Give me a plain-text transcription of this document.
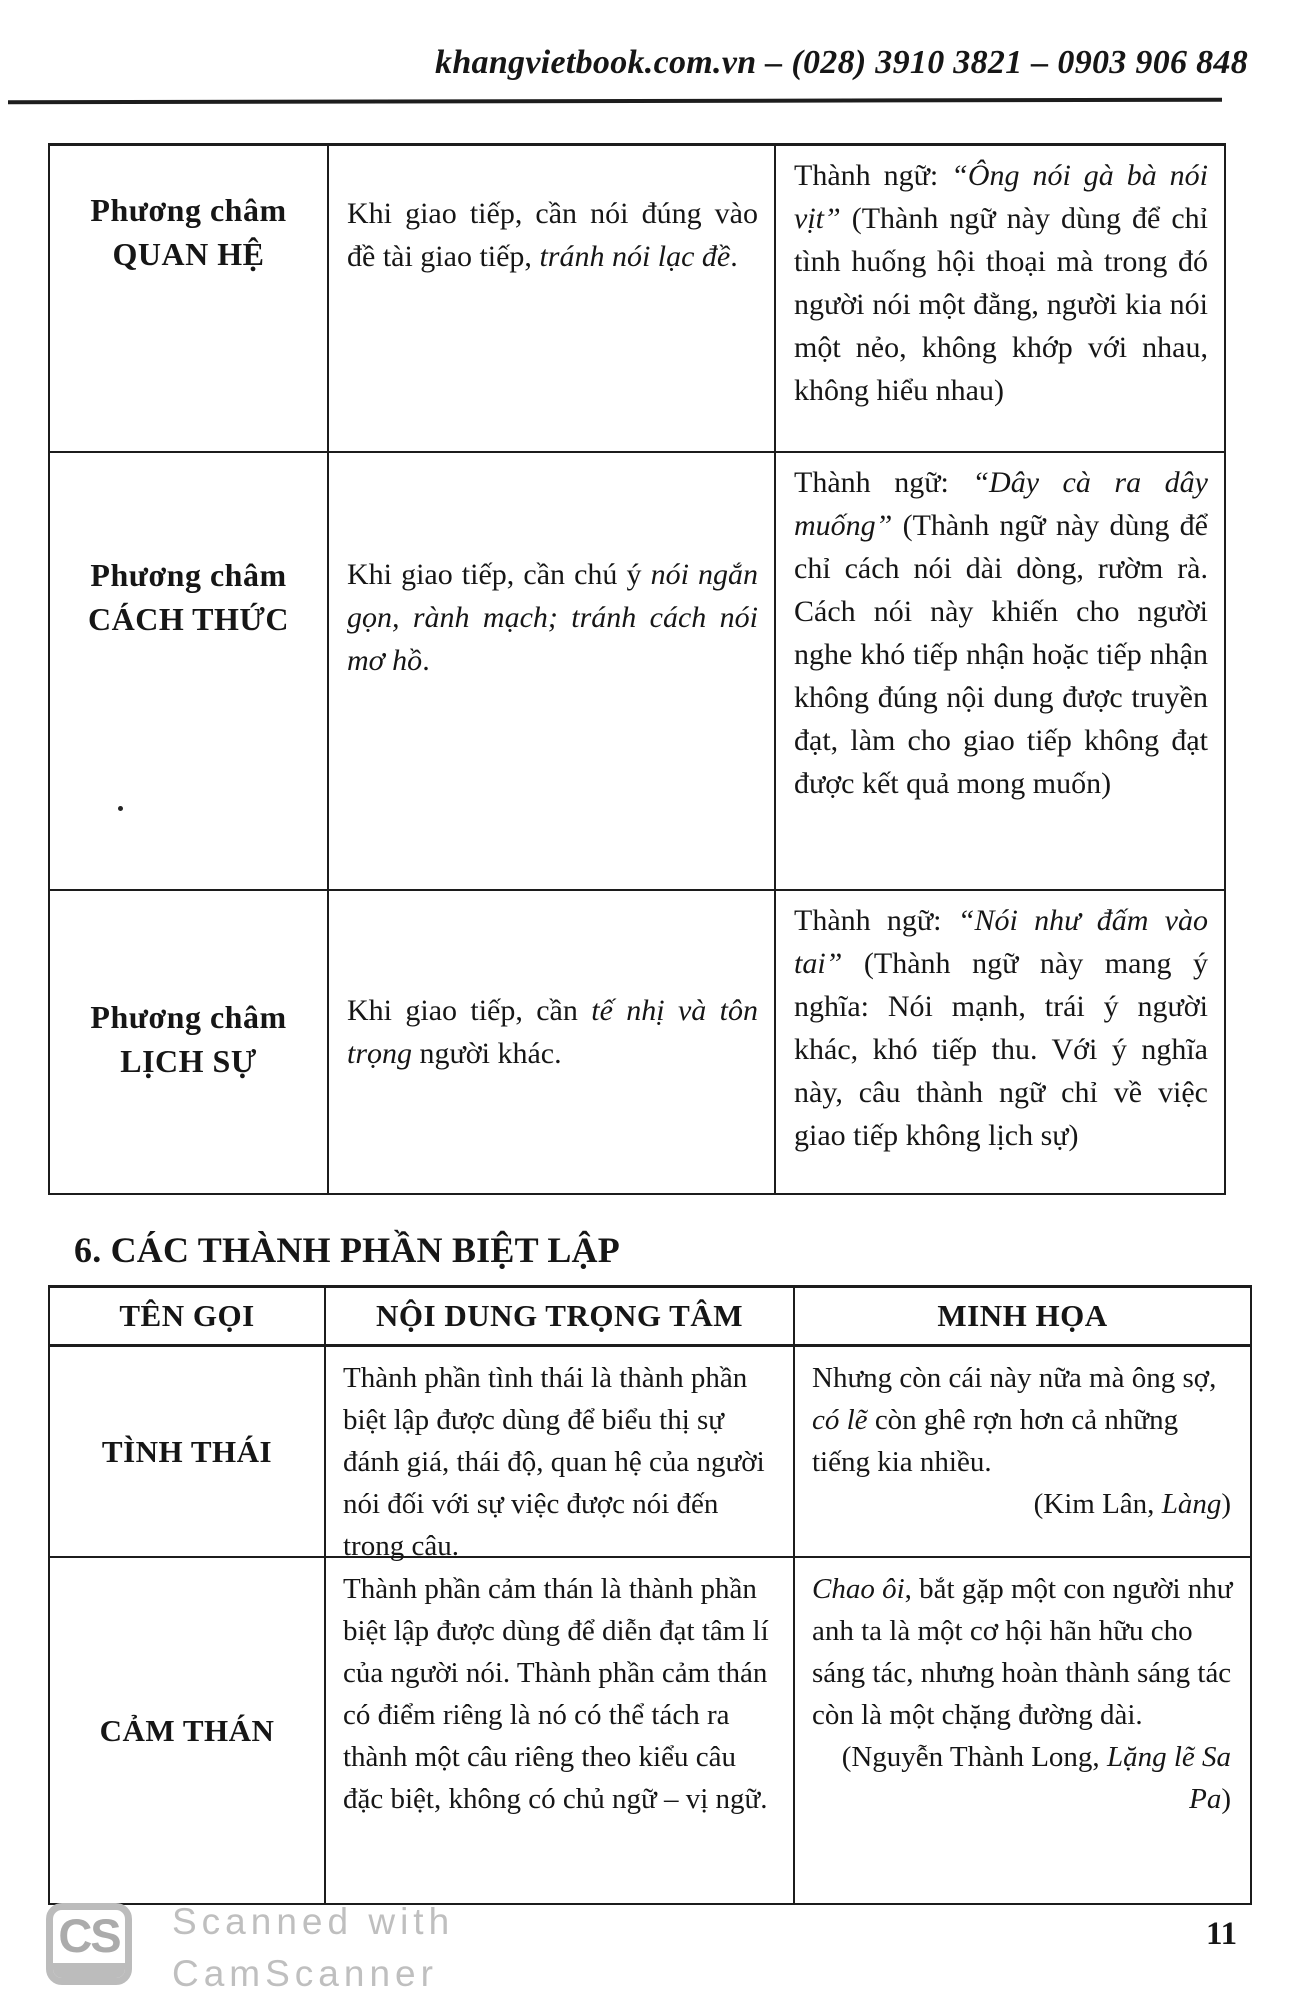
khangvietbook.com.vn – (028) 3910 3821 – 0903 906 848
Phương châm
QUAN HỆ
Khi giao tiếp, cần nói đúng vào đề tài giao tiếp, tránh nói lạc đề.
Thành ngữ: “Ông nói gà bà nói vịt” (Thành ngữ này dùng để chỉ tình huống hội thoại mà trong đó người nói một đằng, người kia nói một nẻo, không khớp với nhau, không hiểu nhau)
Phương châm
CÁCH THỨC
Khi giao tiếp, cần chú ý nói ngắn gọn, rành mạch; tránh cách nói mơ hồ.
Thành ngữ: “Dây cà ra dây muống” (Thành ngữ này dùng để chỉ cách nói dài dòng, rườm rà. Cách nói này khiến cho người nghe khó tiếp nhận hoặc tiếp nhận không đúng nội dung được truyền đạt, làm cho giao tiếp không đạt được kết quả mong muốn)
Phương châm
LỊCH SỰ
Khi giao tiếp, cần tế nhị và tôn trọng người khác.
Thành ngữ: “Nói như đấm vào tai” (Thành ngữ này mang ý nghĩa: Nói mạnh, trái ý người khác, khó tiếp thu. Với ý nghĩa này, câu thành ngữ chỉ về việc giao tiếp không lịch sự)
6. CÁC THÀNH PHẦN BIỆT LẬP
TÊN GỌI	NỘI DUNG TRỌNG TÂM	MINH HỌA
TÌNH THÁI
Thành phần tình thái là thành phần biệt lập được dùng để biểu thị sự đánh giá, thái độ, quan hệ của người nói đối với sự việc được nói đến trong câu.
Nhưng còn cái này nữa mà ông sợ, có lẽ còn ghê rợn hơn cả những tiếng kia nhiều.
(Kim Lân, Làng)
CẢM THÁN
Thành phần cảm thán là thành phần biệt lập được dùng để diễn đạt tâm lí của người nói. Thành phần cảm thán có điểm riêng là nó có thể tách ra thành một câu riêng theo kiểu câu đặc biệt, không có chủ ngữ – vị ngữ.
Chao ôi, bắt gặp một con người như anh ta là một cơ hội hãn hữu cho sáng tác, nhưng hoàn thành sáng tác còn là một chặng đường dài.
(Nguyễn Thành Long, Lặng lẽ Sa Pa)
CS Scanned with
CamScanner
11
